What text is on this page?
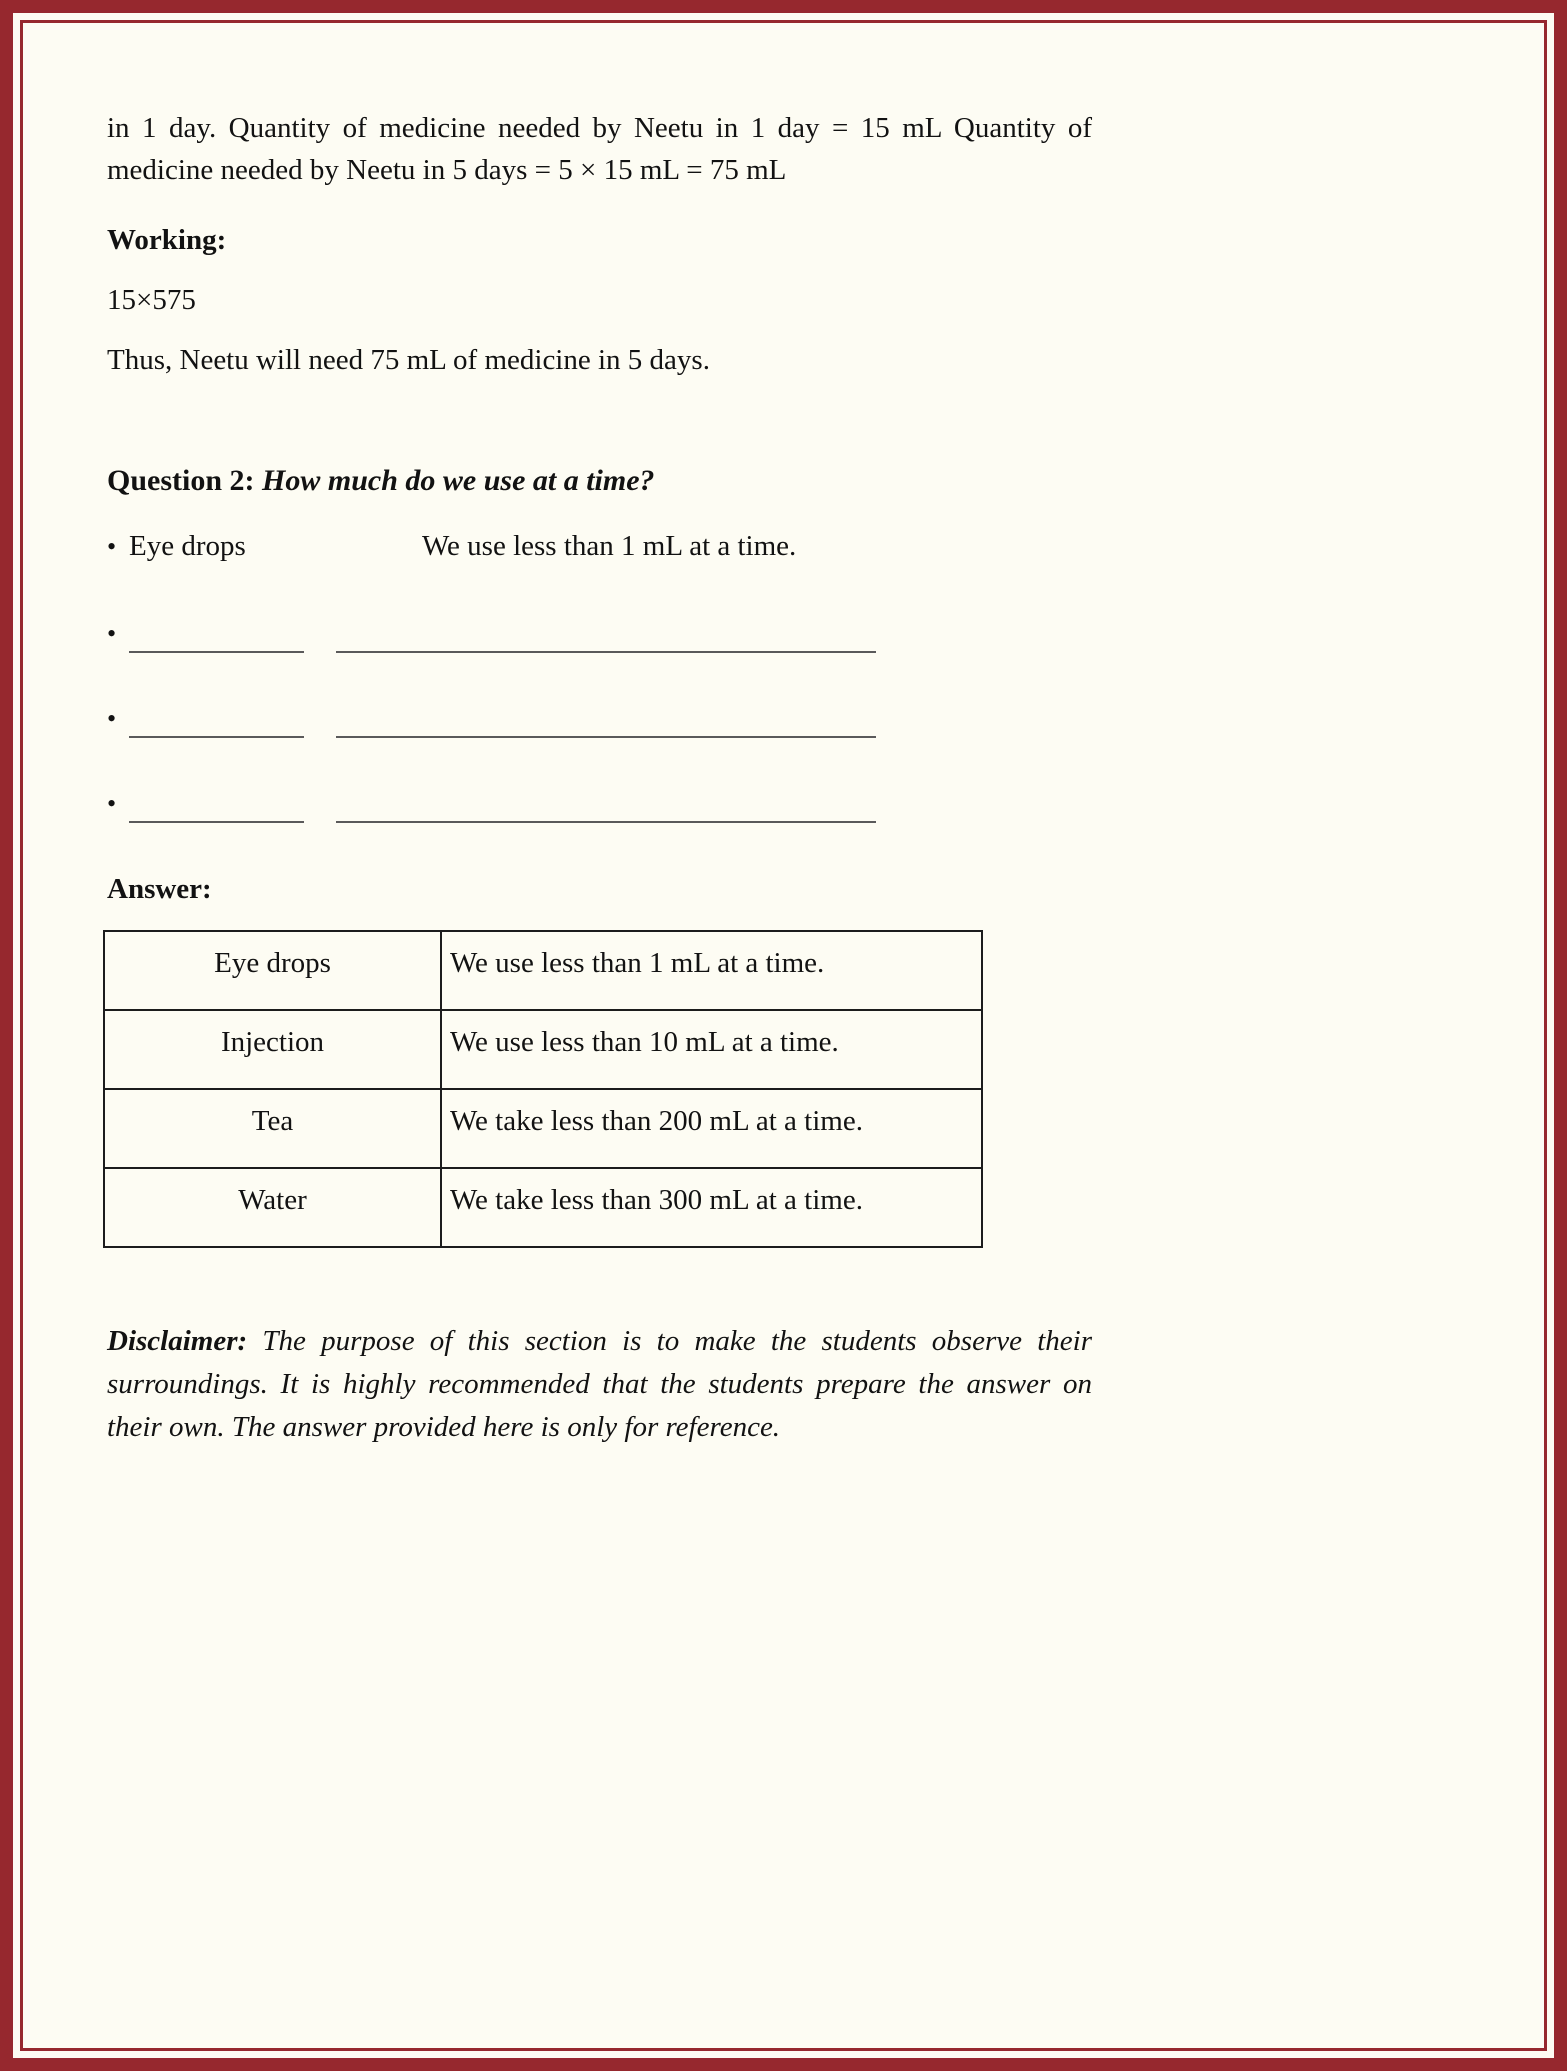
in 1 day. Quantity of medicine needed by Neetu in 1 day = 15 mL Quantity of medicine needed by Neetu in 5 days = 5 × 15 mL = 75 mL

Working:

15×575

Thus, Neetu will need 75 mL of medicine in 5 days.

Question 2: How much do we use at a time?

• Eye drops	We use less than 1 mL at a time.
•
•
•

Answer:

Eye drops	We use less than 1 mL at a time.
Injection	We use less than 10 mL at a time.
Tea	We take less than 200 mL at a time.
Water	We take less than 300 mL at a time.

Disclaimer: The purpose of this section is to make the students observe their surroundings. It is highly recommended that the students prepare the answer on their own. The answer provided here is only for reference.
